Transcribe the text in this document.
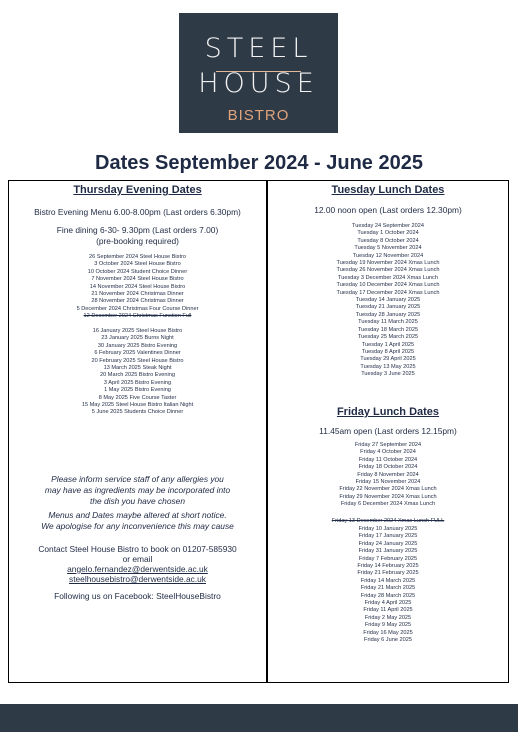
STEEL
HOUSE
BISTRO
Dates September 2024 - June 2025
Thursday Evening Dates
Bistro Evening Menu 6.00-8.00pm (Last orders 6.30pm)
Fine dining 6-30- 9.30pm (Last orders 7.00)
(pre-booking required)
26 September 2024 Steel House Bistro
3 October 2024 Steel House Bistro
10 October 2024 Student Choice Dinner
7 November 2024 Steel House Bistro
14 November 2024 Steel House Bistro
21 November 2024 Christmas Dinner
28 November 2024 Christmas Dinner
5 December 2024 Christmas Four Course Dinner
12 December 2024 Christmas Function Full
16 January 2025 Steel House Bistro
23 January 2025 Burns Night
30 January 2025 Bistro Evening
6 February 2025 Valentines Dinner
20 February 2025 Steel House Bistro
13 March 2025 Steak Night
20 March 2025 Bistro Evening
3 April 2025 Bistro Evening
1 May 2025 Bistro Evening
8 May 2025 Five Course Taster
15 May 2025 Steel House Bistro Italian Night
5 June 2025 Students Choice Dinner
Please inform service staff of any allergies you
may have as ingredients may be incorporated into
the dish you have chosen
Menus and Dates maybe altered at short notice.
We apologise for any inconvenience this may cause
Contact Steel House Bistro to book on 01207-585930
or email
angelo.fernandez@derwentside.ac.uk
steelhousebistro@derwentside.ac.uk
Following us on Facebook: SteelHouseBistro
Tuesday Lunch Dates
12.00 noon open (Last orders 12.30pm)
Tuesday 24 September 2024
Tuesday 1 October 2024
Tuesday 8 October 2024
Tuesday 5 November 2024
Tuesday 12 November 2024
Tuesday 19 November 2024 Xmas Lunch
Tuesday 26 November 2024 Xmas Lunch
Tuesday 3 December 2024 Xmas Lunch
Tuesday 10 December 2024 Xmas Lunch
Tuesday 17 December 2024 Xmas Lunch
Tuesday 14 January 2025
Tuesday 21 January 2025
Tuesday 28 January 2025
Tuesday 11 March 2025
Tuesday 18 March 2025
Tuesday 25 March 2025
Tuesday 1 April 2025
Tuesday 8 April 2025
Tuesday 29 April 2025
Tuesday 13 May 2025
Tuesday 3 June 2025
Friday Lunch Dates
11.45am open (Last orders 12.15pm)
Friday 27 September 2024
Friday 4 October 2024
Friday 11 October 2024
Friday 18 October 2024
Friday 8 November 2024
Friday 15 November 2024
Friday 22 November 2024 Xmas Lunch
Friday 29 November 2024 Xmas Lunch
Friday 6 December 2024 Xmas Lunch
Friday 13 December 2024 Xmas Lunch FULL
Friday 10 January 2025
Friday 17 January 2025
Friday 24 January 2025
Friday 31 January 2025
Friday 7 February 2025
Friday 14 February 2025
Friday 21 February 2025
Friday 14 March 2025
Friday 21 March 2025
Friday 28 March 2025
Friday 4 April 2025
Friday 11 April 2025
Friday 2 May 2025
Friday 9 May 2025
Friday 16 May 2025
Friday 6 June 2025
